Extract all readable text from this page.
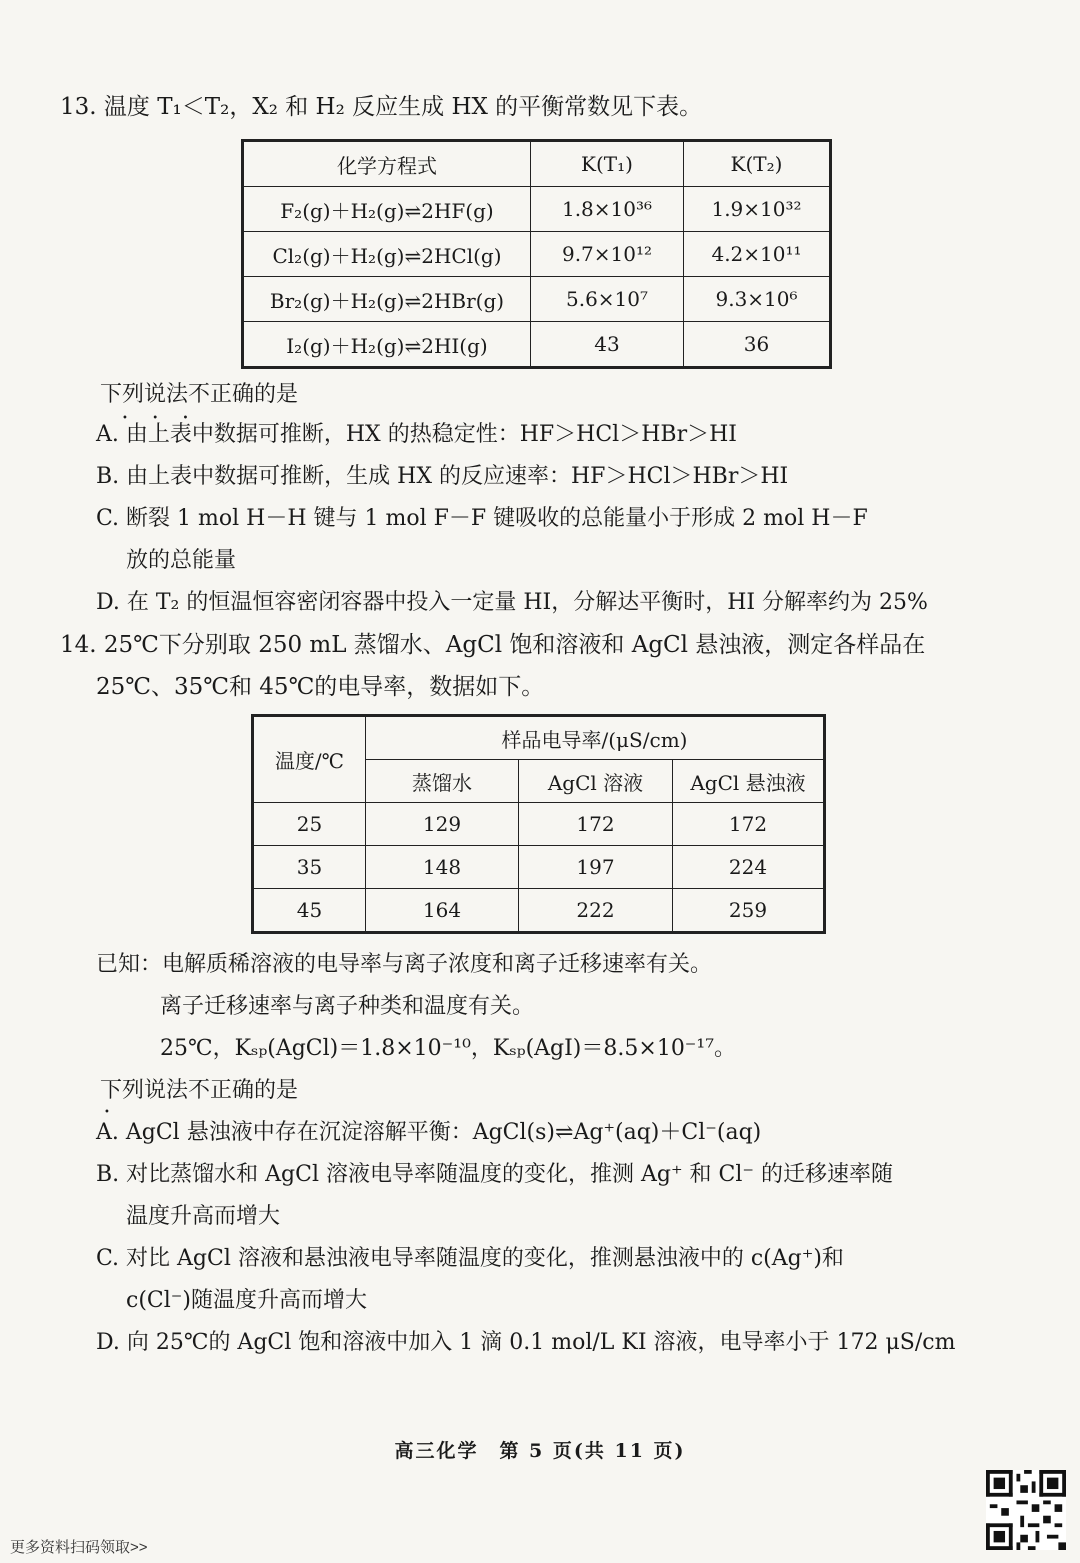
13. 温度 T₁＜T₂，X₂ 和 H₂ 反应生成 HX 的平衡常数见下表。
化学方程式	K(T₁)	K(T₂)
F₂(g)＋H₂(g)⇌2HF(g)	1.8×10³⁶	1.9×10³²
Cl₂(g)＋H₂(g)⇌2HCl(g)	9.7×10¹²	4.2×10¹¹
Br₂(g)＋H₂(g)⇌2HBr(g)	5.6×10⁷	9.3×10⁶
I₂(g)＋H₂(g)⇌2HI(g)	43	36
下列说法不正确的是 •  •  •
A. 由上表中数据可推断，HX 的热稳定性：HF＞HCl＞HBr＞HI
B. 由上表中数据可推断，生成 HX 的反应速率：HF＞HCl＞HBr＞HI
C. 断裂 1 mol H－H 键与 1 mol F－F 键吸收的总能量小于形成 2 mol H－F
放的总能量
D. 在 T₂ 的恒温恒容密闭容器中投入一定量 HI，分解达平衡时，HI 分解率约为 25%
14. 25℃下分别取 250 mL 蒸馏水、AgCl 饱和溶液和 AgCl 悬浊液，测定各样品在
25℃、35℃和 45℃的电导率，数据如下。
温度/℃	样品电导率/(μS/cm)		
	蒸馏水	AgCl 溶液	AgCl 悬浊液
25	129	172	172
35	148	197	224
45	164	222	259
已知：电解质稀溶液的电导率与离子浓度和离子迁移速率有关。
离子迁移速率与离子种类和温度有关。
25℃，Kₛₚ(AgCl)＝1.8×10⁻¹⁰，Kₛₚ(AgI)＝8.5×10⁻¹⁷。
下列说法不正确的是 •
A. AgCl 悬浊液中存在沉淀溶解平衡：AgCl(s)⇌Ag⁺(aq)＋Cl⁻(aq)
B. 对比蒸馏水和 AgCl 溶液电导率随温度的变化，推测 Ag⁺ 和 Cl⁻ 的迁移速率随
温度升高而增大
C. 对比 AgCl 溶液和悬浊液电导率随温度的变化，推测悬浊液中的 c(Ag⁺)和
c(Cl⁻)随温度升高而增大
D. 向 25℃的 AgCl 饱和溶液中加入 1 滴 0.1 mol/L KI 溶液，电导率小于 172 μS/cm
高三化学　第 5 页(共 11 页)
更多资料扫码领取>>
